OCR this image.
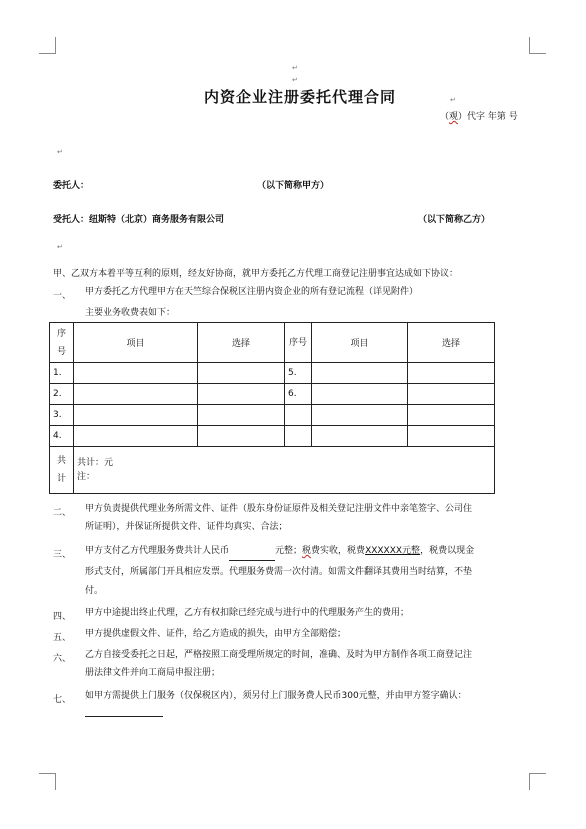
↵
↵
↵
↵
内资企业注册委托代理合同	↵
（观）代字 年第 号
委托人：	（以下简称甲方）
受托人：纽斯特（北京）商务服务有限公司	（以下简称乙方）
甲、乙双方本着平等互利的原则，经友好协商，就甲方委托乙方代理工商登记注册事宜达成如下协议：
一、 甲方委托乙方代理甲方在天竺综合保税区注册内资企业的所有登记流程（详见附件）
主要业务收费表如下：
序号	项目	选择	序号	项目	选择
1.			5.		
2.			6.		
3.					
4.					
共计	共计：元
注：				
二、 甲方负责提供代理业务所需文件、证件（股东身份证原件及相关登记注册文件中亲笔签字、公司住
所证明），并保证所提供文件、证件均真实、合法；
三、 甲方支付乙方代理服务费共计人民币	元整；税费实收，税费XXXXXX元整，税费以现金
形式支付，所属部门开具相应发票。代理服务费需一次付清。如需文件翻译其费用当时结算，不垫
付。
四、 甲方中途提出终止代理，乙方有权扣除已经完成与进行中的代理服务产生的费用；
五、 甲方提供虚假文件、证件，给乙方造成的损失，由甲方全部赔偿；
六、 乙方自接受委托之日起，严格按照工商受理所规定的时间，准确、及时为甲方制作各项工商登记注
册法律文件并向工商局申报注册；
七、 如甲方需提供上门服务（仅保税区内），须另付上门服务费人民币300元整，并由甲方签字确认：
